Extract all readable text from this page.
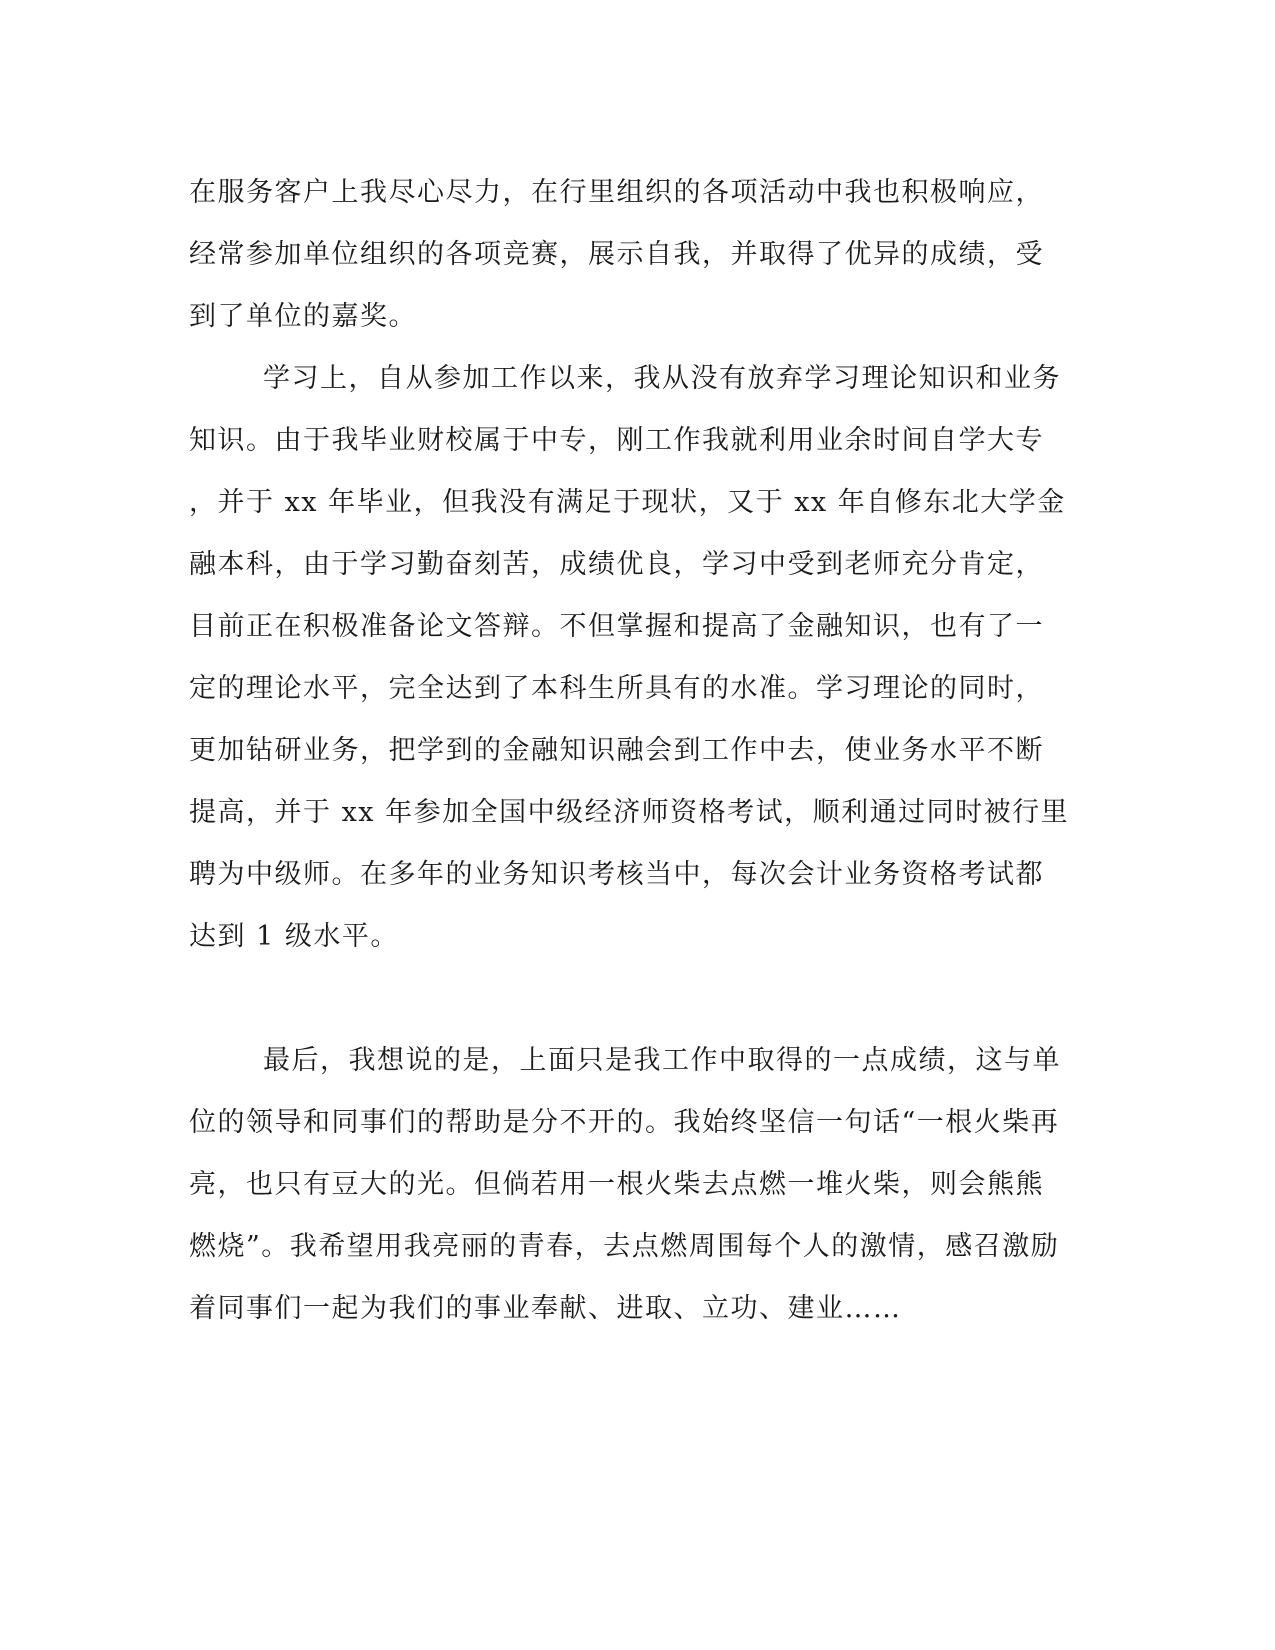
在服务客户上我尽心尽力，在行里组织的各项活动中我也积极响应，
经常参加单位组织的各项竞赛，展示自我，并取得了优异的成绩，受
到了单位的嘉奖。
学习上，自从参加工作以来，我从没有放弃学习理论知识和业务
知识。由于我毕业财校属于中专，刚工作我就利用业余时间自学大专
，并于 xx 年毕业，但我没有满足于现状，又于 xx 年自修东北大学金
融本科，由于学习勤奋刻苦，成绩优良，学习中受到老师充分肯定，
目前正在积极准备论文答辩。不但掌握和提高了金融知识，也有了一
定的理论水平，完全达到了本科生所具有的水准。学习理论的同时，
更加钻研业务，把学到的金融知识融会到工作中去，使业务水平不断
提高，并于 xx 年参加全国中级经济师资格考试，顺利通过同时被行里
聘为中级师。在多年的业务知识考核当中，每次会计业务资格考试都
达到 1 级水平。
最后，我想说的是，上面只是我工作中取得的一点成绩，这与单
位的领导和同事们的帮助是分不开的。我始终坚信一句话“一根火柴再
亮，也只有豆大的光。但倘若用一根火柴去点燃一堆火柴，则会熊熊
燃烧”。我希望用我亮丽的青春，去点燃周围每个人的激情，感召激励
着同事们一起为我们的事业奉献、进取、立功、建业……
